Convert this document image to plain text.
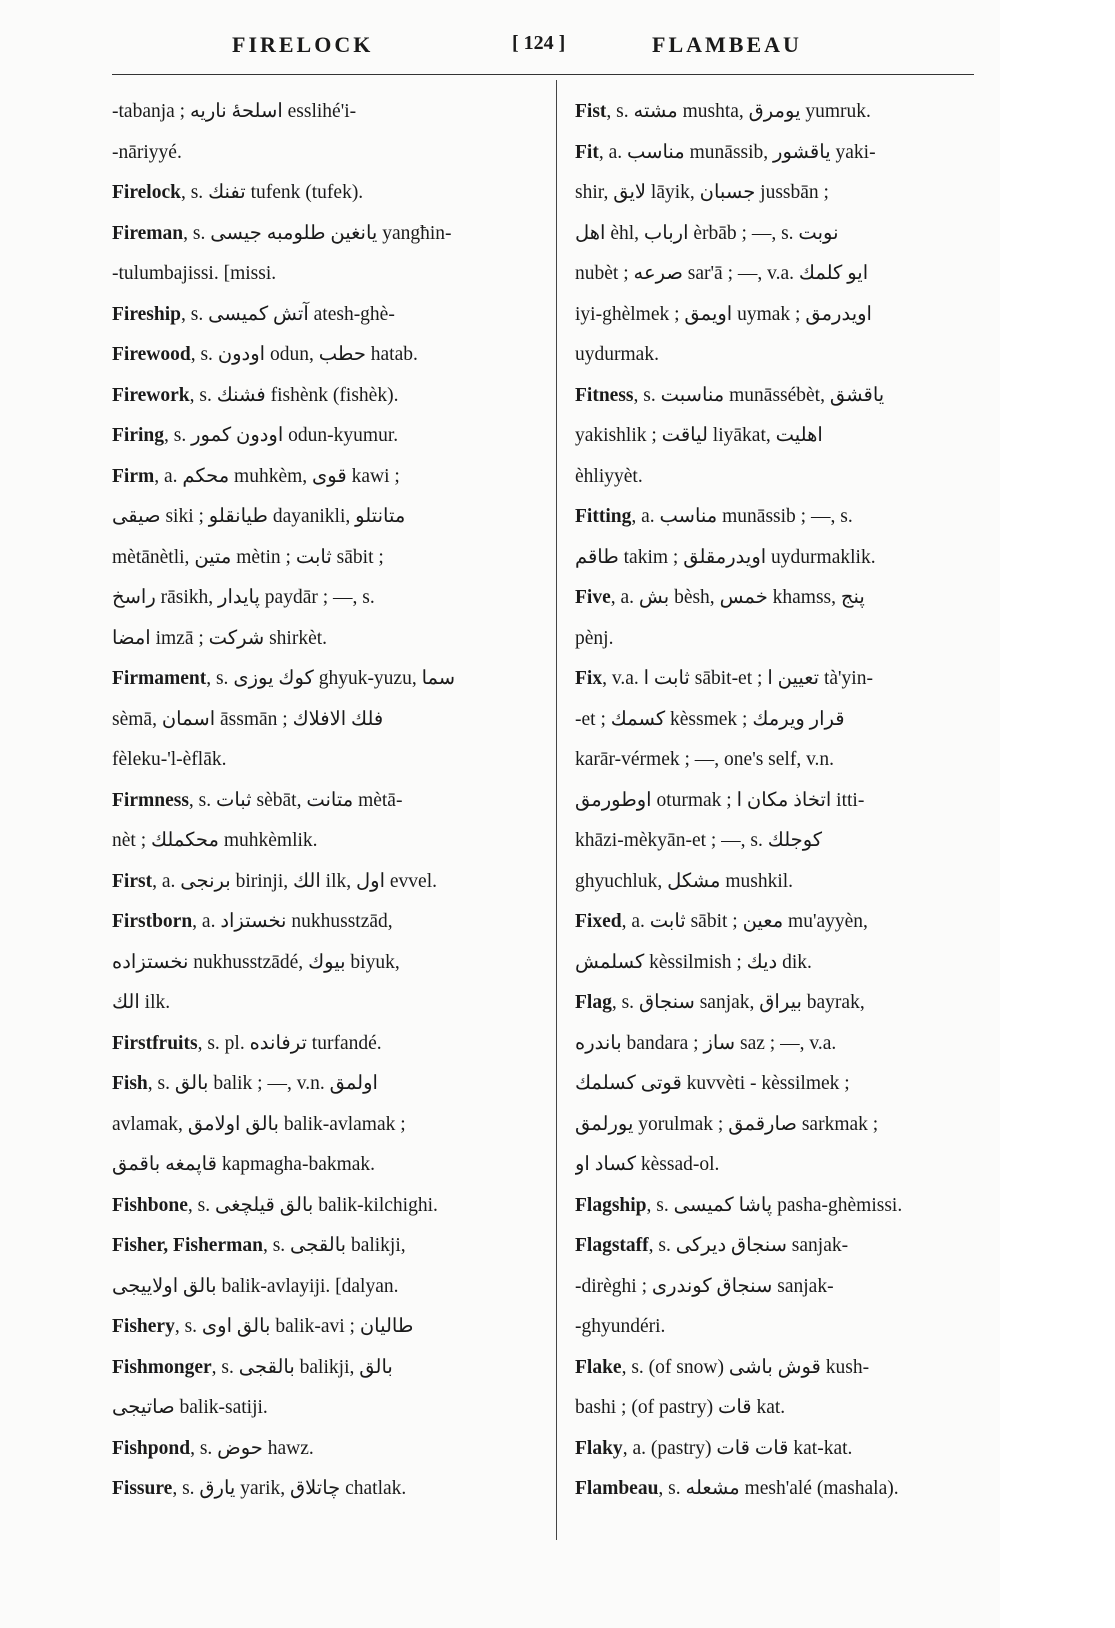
FIRELOCK	[ 124 ]	FLAMBEAU
-tabanja ; اسلحهٔ ناریه esslihé'i-
-nāriyyé.
Firelock, s. تفنك tufenk (tufek).
Fireman, s. یانغین طلومبه جیسی yangħin-
-tulumbajissi. [missi.
Fireship, s. آتش کمیسی atesh-ghè-
Firewood, s. اودون odun, حطب hatab.
Firework, s. فشنك fishènk (fishèk).
Firing, s. اودون کمور odun-kyumur.
Firm, a. محکم muhkèm, قوی kawi ;
صیقی siki ; طیانقلو dayanikli, متانتلو
mètānètli, متین mètin ; ثابت sābit ;
راسخ rāsikh, پایدار paydār ; —, s.
امضا imzā ; شرکت shirkèt.
Firmament, s. کوك یوزی ghyuk-yuzu, سما
sèmā, اسمان āssmān ; فلك الافلاك
fèleku-'l-èflāk.
Firmness, s. ثبات sèbāt, متانت mètā-
nèt ; محکملك muhkèmlik.
First, a. برنجی birinji, الك ilk, اول evvel.
Firstborn, a. نخستزاد nukhusstzād,
نخستزاده nukhusstzādé, بیوك biyuk,
الك ilk.
Firstfruits, s. pl. ترفانده turfandé.
Fish, s. بالق balik ; —, v.n. اولمق
avlamak, بالق اولامق balik-avlamak ;
قاپمغه باقمق kapmagha-bakmak.
Fishbone, s. بالق قیلچغی balik-kilchighi.
Fisher, Fisherman, s. بالقجی balikji,
بالق اولاییجی balik-avlayiji. [dalyan.
Fishery, s. بالق اوی balik-avi ; طالیان
Fishmonger, s. بالقجی balikji, بالق
صاتیجی balik-satiji.
Fishpond, s. حوض hawz.
Fissure, s. یارق yarik, چاتلاق chatlak.
Fist, s. مشته mushta, یومرق yumruk.
Fit, a. مناسب munāssib, یاقشور yaki-
shir, لایق lāyik, جسبان jussbān ;
اهل èhl, ارباب èrbāb ; —, s. نوبت
nubèt ; صرعه sar'ā ; —, v.a. ایو کلمك
iyi-ghèlmek ; اویمق uymak ; اویدرمق
uydurmak.
Fitness, s. مناسبت munāssébèt, یاقشق
yakishlik ; لیاقت liyākat, اهلیت
èhliyyèt.
Fitting, a. مناسب munāssib ; —, s.
طاقم takim ; اویدرمقلق uydurmaklik.
Five, a. بش bèsh, خمس khamss, پنج
pènj.
Fix, v.a. ثابت ا sābit-et ; تعیین ا tà'yin-
-et ; کسمك kèssmek ; قرار ویرمك
karār-vérmek ; —, one's self, v.n.
اوطورمق oturmak ; اتخاذ مکان ا itti-
khāzi-mèkyān-et ; —, s. کوجلك
ghyuchluk, مشکل mushkil.
Fixed, a. ثابت sābit ; معین mu'ayyèn,
کسلمش kèssilmish ; دیك dik.
Flag, s. سنجاق sanjak, بیراق bayrak,
باندره bandara ; ساز saz ; —, v.a.
قوتی کسلمك kuvvèti - kèssilmek ;
یورلمق yorulmak ; صارقمق sarkmak ;
کساد او kèssad-ol.
Flagship, s. پاشا کمیسی pasha-ghèmissi.
Flagstaff, s. سنجاق دیرکی sanjak-
-dirèghi ; سنجاق کوندری sanjak-
-ghyundéri.
Flake, s. (of snow) قوش باشی kush-
bashi ; (of pastry) قات kat.
Flaky, a. (pastry) قات قات kat-kat.
Flambeau, s. مشعله mesh'alé (mashala).
